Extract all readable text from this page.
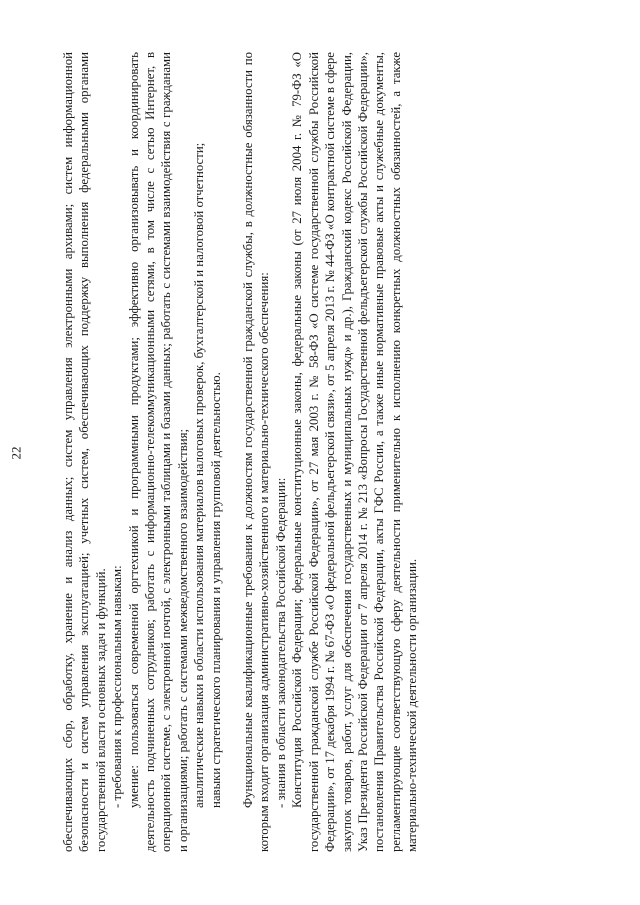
22	обеспечивающих сбор, обработку, хранение и анализ данных; систем управления электронными архивами; систем информационной безопасности и систем управления эксплуатацией; учетных систем, обеспечивающих поддержку выполнения федеральными органами государственной власти основных задач и функций. - требования к профессиональным навыкам: умение: пользоваться современной оргтехникой и программными продуктами; эффективно организовывать и координировать деятельность подчиненных сотрудников; работать с информационно-телекоммуникационными сетями, в том числе с сетью Интернет, в операционной системе, с электронной почтой, с электронными таблицами и базами данных; работать с системами взаимодействия с гражданами и организациями; работать с системами межведомственного взаимодействия; аналитические навыки в области использования материалов налоговых проверок, бухгалтерской и налоговой отчетности; навыки стратегического планирования и управления групповой деятельностью. Функциональные квалификационные требования к должностям государственной гражданской службы, в должностные обязанности по которым входит организация административно-хозяйственного и материально-технического обеспечения: - знания в области законодательства Российской Федерации: Конституция Российской Федерации; федеральные конституционные законы, федеральные законы (от 27 июля 2004 г. № 79-ФЗ «О государственной гражданской службе Российской Федерации», от 27 мая 2003 г. № 58-ФЗ «О системе государственной службы Российской Федерации», от 17 декабря 1994 г. № 67-ФЗ «О федеральной фельдъегерской связи», от 5 апреля 2013 г. № 44-ФЗ «О контрактной системе в сфере закупок товаров, работ, услуг для обеспечения государственных и муниципальных нужд» и др.), Гражданский кодекс Российской Федерации, Указ Президента Российской Федерации от 7 апреля 2014 г. № 213 «Вопросы Государственной фельдъегерской службы Российской Федерации», постановления Правительства Российской Федерации, акты ГФС России, а также иные нормативные правовые акты и служебные документы, регламентирующие соответствующую сферу деятельности применительно к исполнению конкретных должностных обязанностей, а также материально-технической деятельности организации.
